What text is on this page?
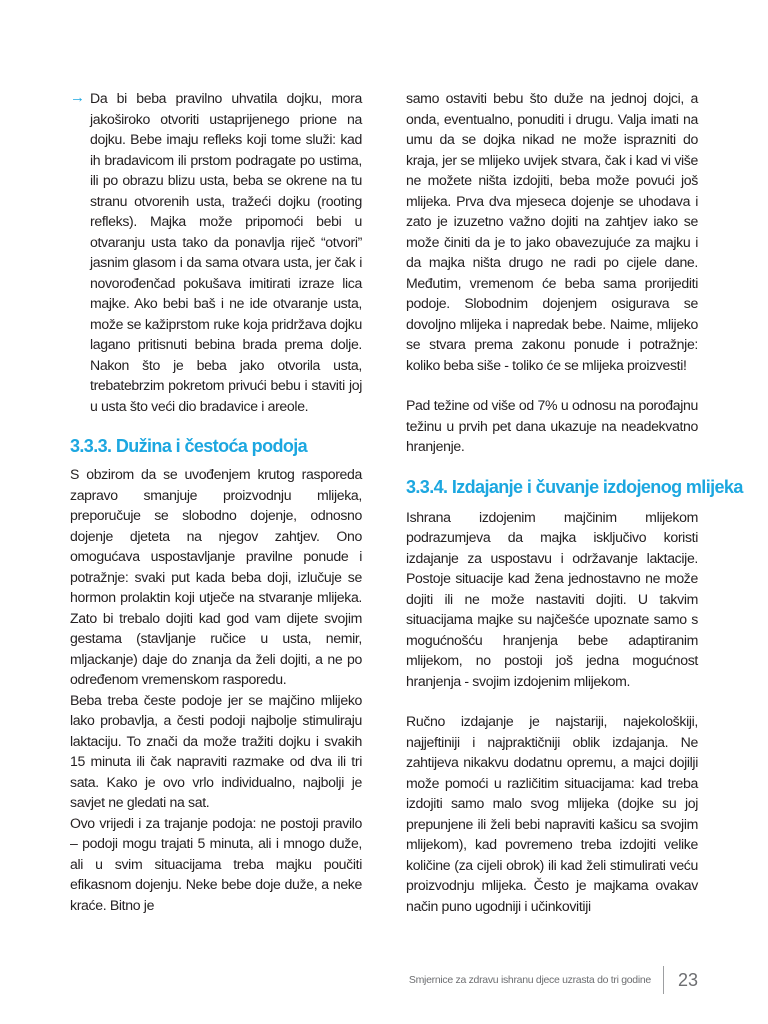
→ Da bi beba pravilno uhvatila dojku, mora jakoširoko otvoriti ustaprijenego prione na dojku. Bebe imaju refleks koji tome služi: kad ih bradavicom ili prstom podragate po ustima, ili po obrazu blizu usta, beba se okrene na tu stranu otvorenih usta, tražeći dojku (rooting refleks). Majka može pripomoći bebi u otvaranju usta tako da ponavlja riječ “otvori” jasnim glasom i da sama otvara usta, jer čak i novorođenčad pokušava imitirati izraze lica majke. Ako bebi baš i ne ide otvaranje usta, može se kažiprstom ruke koja pridržava dojku lagano pritisnuti bebina brada prema dolje. Nakon što je beba jako otvorila usta, trebatebrzim pokretom privući bebu i staviti joj u usta što veći dio bradavice i areole.

3.3.3. Dužina i čestoća podoja

S obzirom da se uvođenjem krutog rasporeda zapravo smanjuje proizvodnju mlijeka, preporučuje se slobodno dojenje, odnosno dojenje djeteta na njegov zahtjev. Ono omogućava uspostavljanje pravilne ponude i potražnje: svaki put kada beba doji, izlučuje se hormon prolaktin koji utječe na stvaranje mlijeka. Zato bi trebalo dojiti kad god vam dijete svojim gestama (stavljanje ručice u usta, nemir, mljackanje) daje do znanja da želi dojiti, a ne po određenom vremenskom rasporedu.

Beba treba česte podoje jer se majčino mlijeko lako probavlja, a česti podoji najbolje stimuliraju laktaciju. To znači da može tražiti dojku i svakih 15 minuta ili čak napraviti razmake od dva ili tri sata. Kako je ovo vrlo individualno, najbolji je savjet ne gledati na sat.

Ovo vrijedi i za trajanje podoja: ne postoji pravilo – podoji mogu trajati 5 minuta, ali i mnogo duže, ali u svim situacijama treba majku poučiti efikasnom dojenju. Neke bebe doje duže, a neke kraće. Bitno je

samo ostaviti bebu što duže na jednoj dojci, a onda, eventualno, ponuditi i drugu. Valja imati na umu da se dojka nikad ne može isprazniti do kraja, jer se mlijeko uvijek stvara, čak i kad vi više ne možete ništa izdojiti, beba može povući još mlijeka. Prva dva mjeseca dojenje se uhodava i zato je izuzetno važno dojiti na zahtjev iako se može činiti da je to jako obavezujuće za majku i da majka ništa drugo ne radi po cijele dane. Međutim, vremenom će beba sama prorijediti podoje. Slobodnim dojenjem osigurava se dovoljno mlijeka i napredak bebe. Naime, mlijeko se stvara prema zakonu ponude i potražnje: koliko beba siše - toliko će se mlijeka proizvesti!

Pad težine od više od 7% u odnosu na porođajnu težinu u prvih pet dana ukazuje na neadekvatno hranjenje.

3.3.4. Izdajanje i čuvanje izdojenog mlijeka

Ishrana izdojenim majčinim mlijekom podrazumjeva da majka isključivo koristi izdajanje za uspostavu i održavanje laktacije. Postoje situacije kad žena jednostavno ne može dojiti ili ne može nastaviti dojiti. U takvim situacijama majke su najčešće upoznate samo s mogućnošću hranjenja bebe adaptiranim mlijekom, no postoji još jedna mogućnost hranjenja - svojim izdojenim mlijekom.

Ručno izdajanje je najstariji, najekološkiji, najjeftiniji i najpraktičniji oblik izdajanja. Ne zahtijeva nikakvu dodatnu opremu, a majci dojilji može pomoći u različitim situacijama: kad treba izdojiti samo malo svog mlijeka (dojke su joj prepunjene ili želi bebi napraviti kašicu sa svojim mlijekom), kad povremeno treba izdojiti velike količine (za cijeli obrok) ili kad želi stimulirati veću proizvodnju mlijeka. Često je majkama ovakav način puno ugodniji i učinkovitiji

Smjernice za zdravu ishranu djece uzrasta do tri godine 23
